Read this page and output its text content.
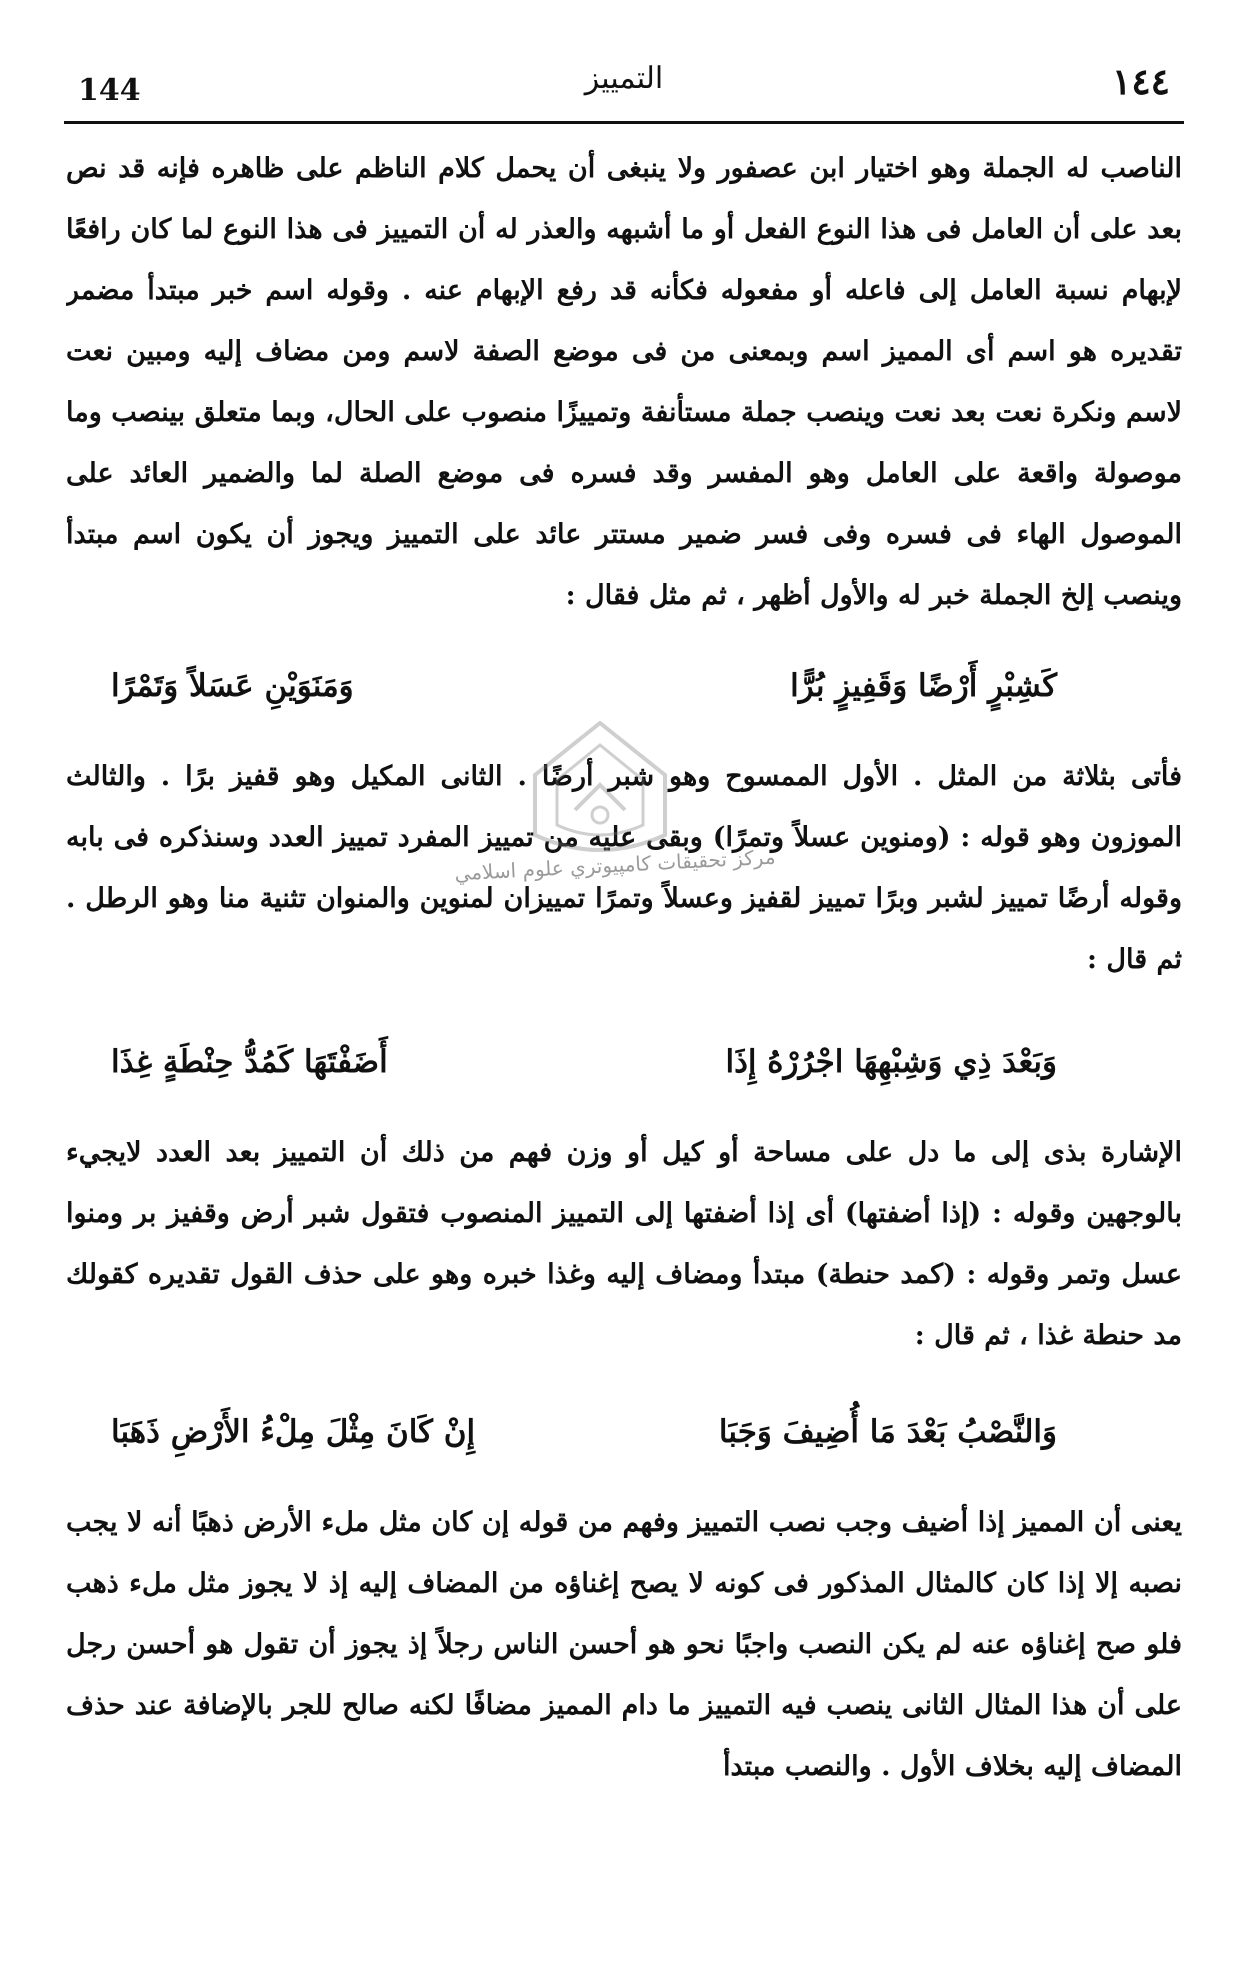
144	التمييز	١٤٤

الناصب له الجملة وهو اختيار ابن عصفور ولا ينبغى أن يحمل كلام الناظم على ظاهره فإنه قد نص بعد على أن العامل فى هذا النوع الفعل أو ما أشبهه والعذر له أن التمييز فى هذا النوع لما كان رافعًا لإبهام نسبة العامل إلى فاعله أو مفعوله فكأنه قد رفع الإبهام عنه . وقوله اسم خبر مبتدأ مضمر تقديره هو اسم أى المميز اسم وبمعنى من فى موضع الصفة لاسم ومن مضاف إليه ومبين نعت لاسم ونكرة نعت بعد نعت وينصب جملة مستأنفة وتمييزًا منصوب على الحال، وبما متعلق بينصب وما موصولة واقعة على العامل وهو المفسر وقد فسره فى موضع الصلة لما والضمير العائد على الموصول الهاء فى فسره وفى فسر ضمير مستتر عائد على التمييز ويجوز أن يكون اسم مبتدأ وينصب إلخ الجملة خبر له والأول أظهر ، ثم مثل فقال :

كَشِبْرٍ أَرْضًا وَقَفِيزٍ بُرًّا
وَمَنَوَيْنِ عَسَلاً وَتَمْرًا

فأتى بثلاثة من المثل . الأول الممسوح وهو شبر أرضًا . الثانى المكيل وهو قفيز برًا . والثالث الموزون وهو قوله : (ومنوين عسلاً وتمرًا) وبقى عليه من تمييز المفرد تمييز العدد وسنذكره فى بابه وقوله أرضًا تمييز لشبر وبرًا تمييز لقفيز وعسلاً وتمرًا تمييزان لمنوين والمنوان تثنية منا وهو الرطل . ثم قال :

وَبَعْدَ ذِي وَشِبْهِهَا اجْرُرْهُ إِذَا
أَضَفْتَهَا كَمُدُّ حِنْطَةٍ غِذَا

الإشارة بذى إلى ما دل على مساحة أو كيل أو وزن فهم من ذلك أن التمييز بعد العدد لايجيء بالوجهين وقوله : (إذا أضفتها) أى إذا أضفتها إلى التمييز المنصوب فتقول شبر أرض وقفيز بر ومنوا عسل وتمر وقوله : (كمد حنطة) مبتدأ ومضاف إليه وغذا خبره وهو على حذف القول تقديره كقولك مد حنطة غذا ، ثم قال :

وَالنَّصْبُ بَعْدَ مَا أُضِيفَ وَجَبَا
إِنْ كَانَ مِثْلَ مِلْءُ الأَرْضِ ذَهَبَا

يعنى أن المميز إذا أضيف وجب نصب التمييز وفهم من قوله إن كان مثل ملء الأرض ذهبًا أنه لا يجب نصبه إلا إذا كان كالمثال المذكور فى كونه لا يصح إغناؤه من المضاف إليه إذ لا يجوز مثل ملء ذهب فلو صح إغناؤه عنه لم يكن النصب واجبًا نحو هو أحسن الناس رجلاً إذ يجوز أن تقول هو أحسن رجل على أن هذا المثال الثانى ينصب فيه التمييز ما دام المميز مضافًا لكنه صالح للجر بالإضافة عند حذف المضاف إليه بخلاف الأول . والنصب مبتدأ

مركز تحقيقات كامپيوتري علوم اسلامي
